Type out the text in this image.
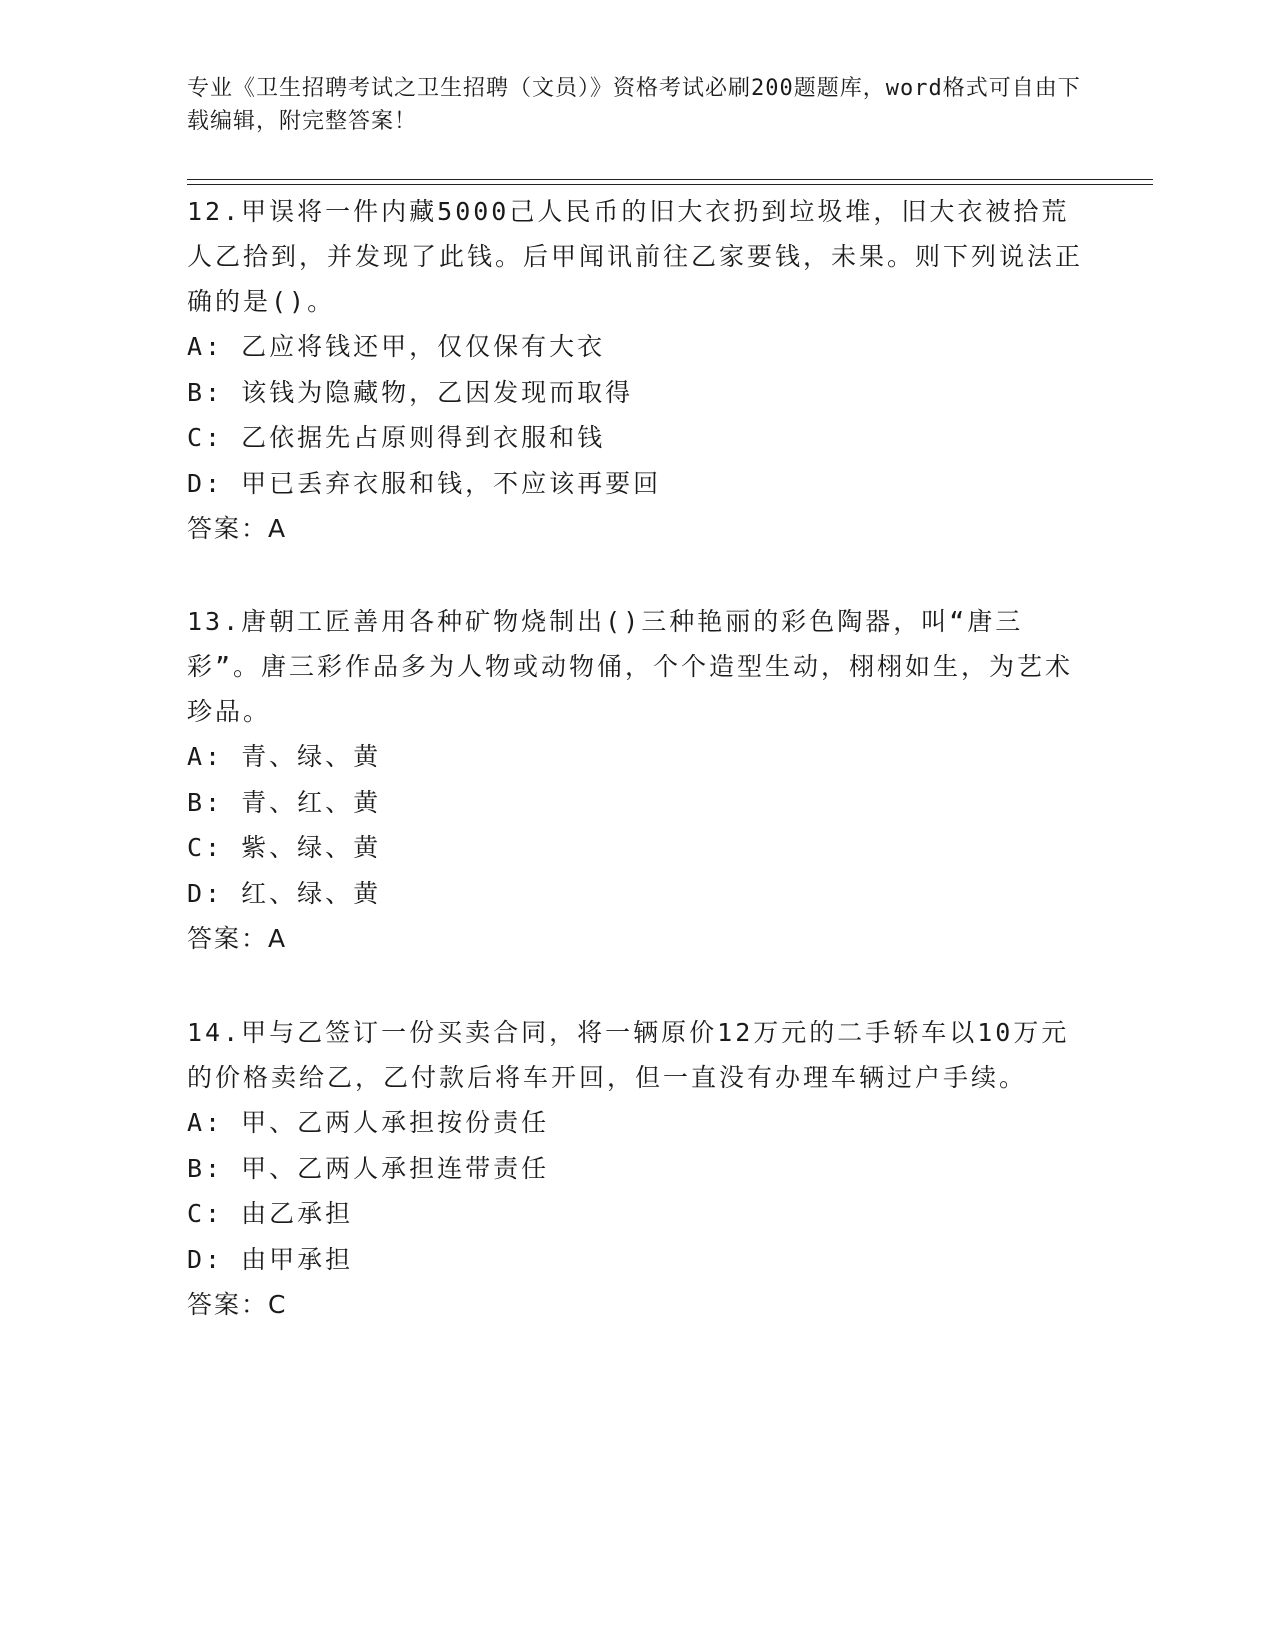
专业《卫生招聘考试之卫生招聘（文员）》资格考试必刷200题题库，word格式可自由下载编辑，附完整答案！
12.甲误将一件内藏5000己人民币的旧大衣扔到垃圾堆，旧大衣被拾荒人乙拾到，并发现了此钱。后甲闻讯前往乙家要钱，未果。则下列说法正确的是()。
A: 乙应将钱还甲，仅仅保有大衣
B: 该钱为隐藏物，乙因发现而取得
C: 乙依据先占原则得到衣服和钱
D: 甲已丢弃衣服和钱，不应该再要回
答案：A
13.唐朝工匠善用各种矿物烧制出()三种艳丽的彩色陶器，叫“唐三彩”。唐三彩作品多为人物或动物俑，个个造型生动，栩栩如生，为艺术珍品。
A: 青、绿、黄
B: 青、红、黄
C: 紫、绿、黄
D: 红、绿、黄
答案：A
14.甲与乙签订一份买卖合同，将一辆原价12万元的二手轿车以10万元的价格卖给乙，乙付款后将车开回，但一直没有办理车辆过户手续。
A: 甲、乙两人承担按份责任
B: 甲、乙两人承担连带责任
C: 由乙承担
D: 由甲承担
答案：C
